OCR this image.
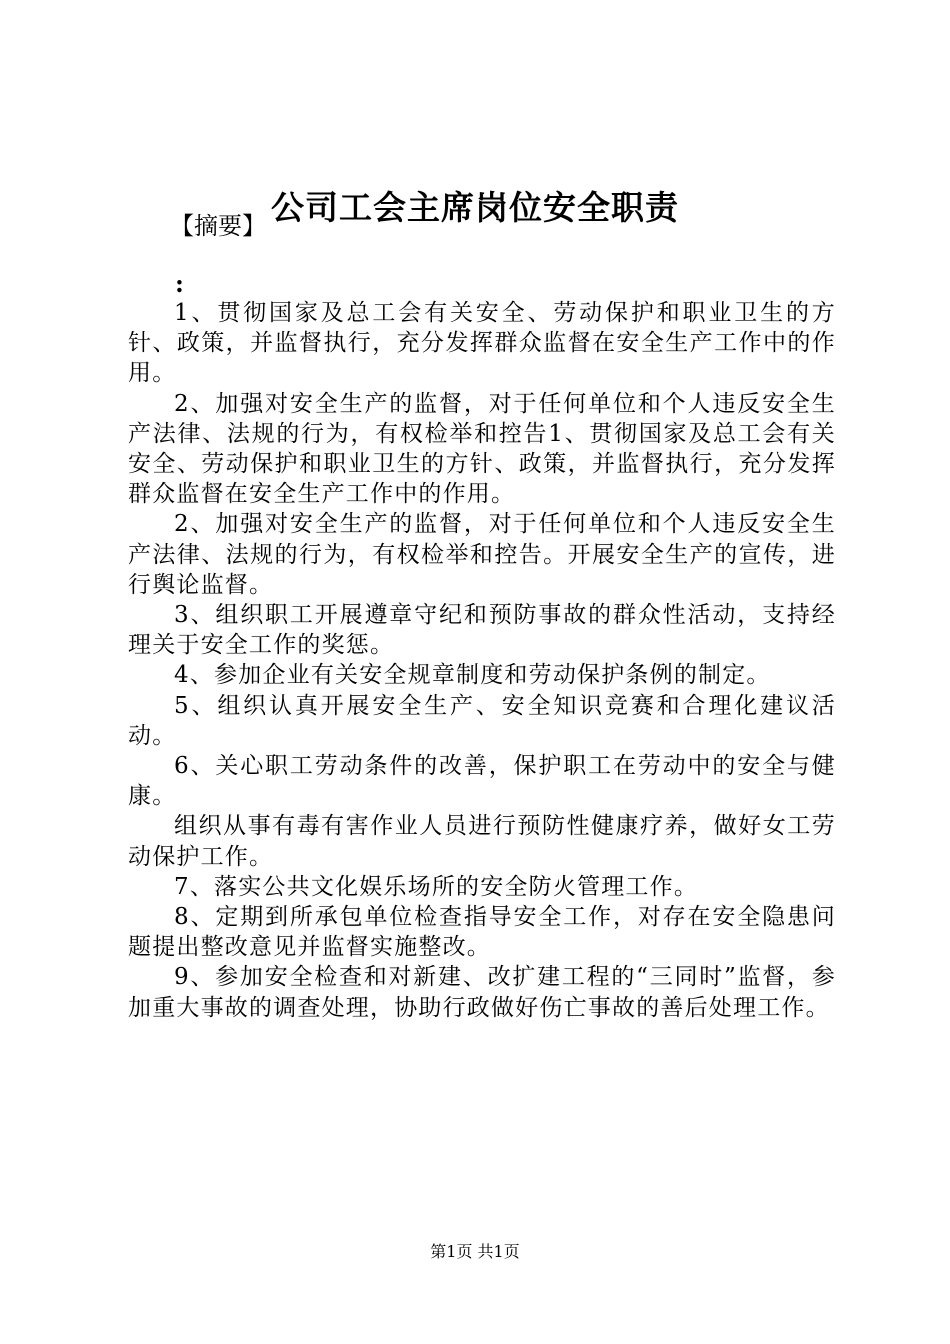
公司工会主席岗位安全职责
【摘要】
:

1、贯彻国家及总工会有关安全、劳动保护和职业卫生的方针、政策，并监督执行，充分发挥群众监督在安全生产工作中的作用。

2、加强对安全生产的监督，对于任何单位和个人违反安全生产法律、法规的行为，有权检举和控告1、贯彻国家及总工会有关安全、劳动保护和职业卫生的方针、政策，并监督执行，充分发挥群众监督在安全生产工作中的作用。

2、加强对安全生产的监督，对于任何单位和个人违反安全生产法律、法规的行为，有权检举和控告。开展安全生产的宣传，进行舆论监督。

3、组织职工开展遵章守纪和预防事故的群众性活动，支持经理关于安全工作的奖惩。

4、参加企业有关安全规章制度和劳动保护条例的制定。

5、组织认真开展安全生产、安全知识竞赛和合理化建议活动。

6、关心职工劳动条件的改善，保护职工在劳动中的安全与健康。

组织从事有毒有害作业人员进行预防性健康疗养，做好女工劳动保护工作。

7、落实公共文化娱乐场所的安全防火管理工作。

8、定期到所承包单位检查指导安全工作，对存在安全隐患问题提出整改意见并监督实施整改。

9、参加安全检查和对新建、改扩建工程的“三同时”监督，参加重大事故的调查处理，协助行政做好伤亡事故的善后处理工作。

第1页 共1页
